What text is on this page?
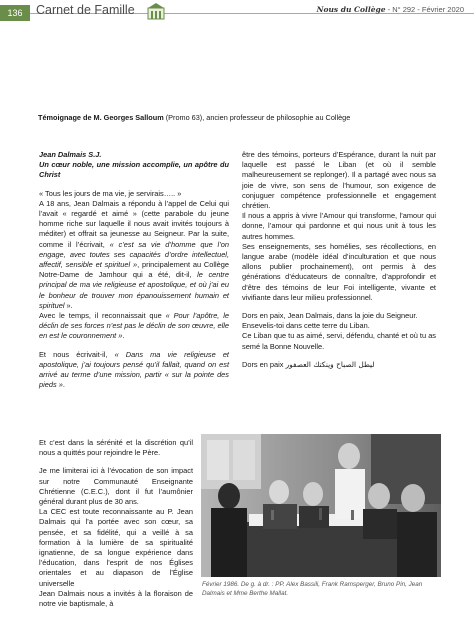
136	Carnet de Famille	Nous du Collège - N° 292 - Février 2020
Témoignage de M. Georges Salloum (Promo 63), ancien professeur de philosophie au Collège

Jean Dalmais S.J.

Un cœur noble, une mission accomplie, un apôtre du Christ

« Tous les jours de ma vie, je servirais….. »

A 18 ans, Jean Dalmais a répondu à l’appel de Celui qui l’avait « regardé et aimé » (cette parabole du jeune homme riche sur laquelle il nous avait invités toujours à méditer) et offrait sa jeunesse au Seigneur. Par la suite, comme il l’écrivait, « c’est sa vie d’homme que l’on engage, avec toutes ses capacités d’ordre intellectuel, affectif, sensible et spirituel », principalement au Collège Notre-Dame de Jamhour qui a été, dit-il, le centre principal de ma vie religieuse et apostolique, et où j’ai eu le bonheur de trouver mon épanouissement humain et spirituel ».

Avec le temps, il reconnaissait que « Pour l’apôtre, le déclin de ses forces n’est pas le déclin de son œuvre, elle en est le couronnement ».

Et nous écrivait-il, « Dans ma vie religieuse et apostolique, j’ai toujours pensé qu’il fallait, quand on est arrivé au terme d’une mission, partir « sur la pointe des pieds ».

être des témoins, porteurs d’Espérance, durant la nuit par laquelle est passé le Liban (et où il semble malheureusement se replonger). Il a partagé avec nous sa joie de vivre, son sens de l’humour, son exigence de conjuguer compétence professionnelle et engagement chrétien.

Il nous a appris à vivre l’Amour qui transforme, l’amour qui donne, l’amour qui pardonne et qui nous unit à tous les autres hommes.

Ses enseignements, ses homélies, ses récollections, en langue arabe (modèle idéal d’inculturation et que nous allons publier prochainement), ont permis à des générations d’éducateurs de connaître, d’approfondir et d’être des témoins de leur Foi intelligente, vivante et vivifiante dans leur milieu professionnel.

Dors en paix, Jean Dalmais, dans la joie du Seigneur.

Ensevelis-toi dans cette terre du Liban.

Ce Liban que tu as aimé, servi, défendu, chanté et où tu as semé la Bonne Nouvelle.

Dors en paix ليطل الصباح وينكتك العصفور

Et c’est dans la sérénité et la discrétion qu’il nous a quittés pour rejoindre le Père.

Je me limiterai ici à l’évocation de son impact sur notre Communauté Enseignante Chrétienne (C.E.C.), dont il fut l’aumônier général durant plus de 30 ans.

La CEC est toute reconnaissante au P. Jean Dalmais qui l’a portée avec son cœur, sa pensée, et sa fidélité, qui a veillé à sa formation à la lumière de sa spiritualité ignatienne, de sa longue expérience dans l’éducation, dans l’esprit de nos Églises orientales et au diapason de l’Église universelle

Jean Dalmais nous a invités à la floraison de notre vie baptismale, à

Février 1986. De g. à dr. : PP. Alex Bassili, Frank Ramsperger, Bruno Pin, Jean Dalmais et Mme Berthe Mallat.
